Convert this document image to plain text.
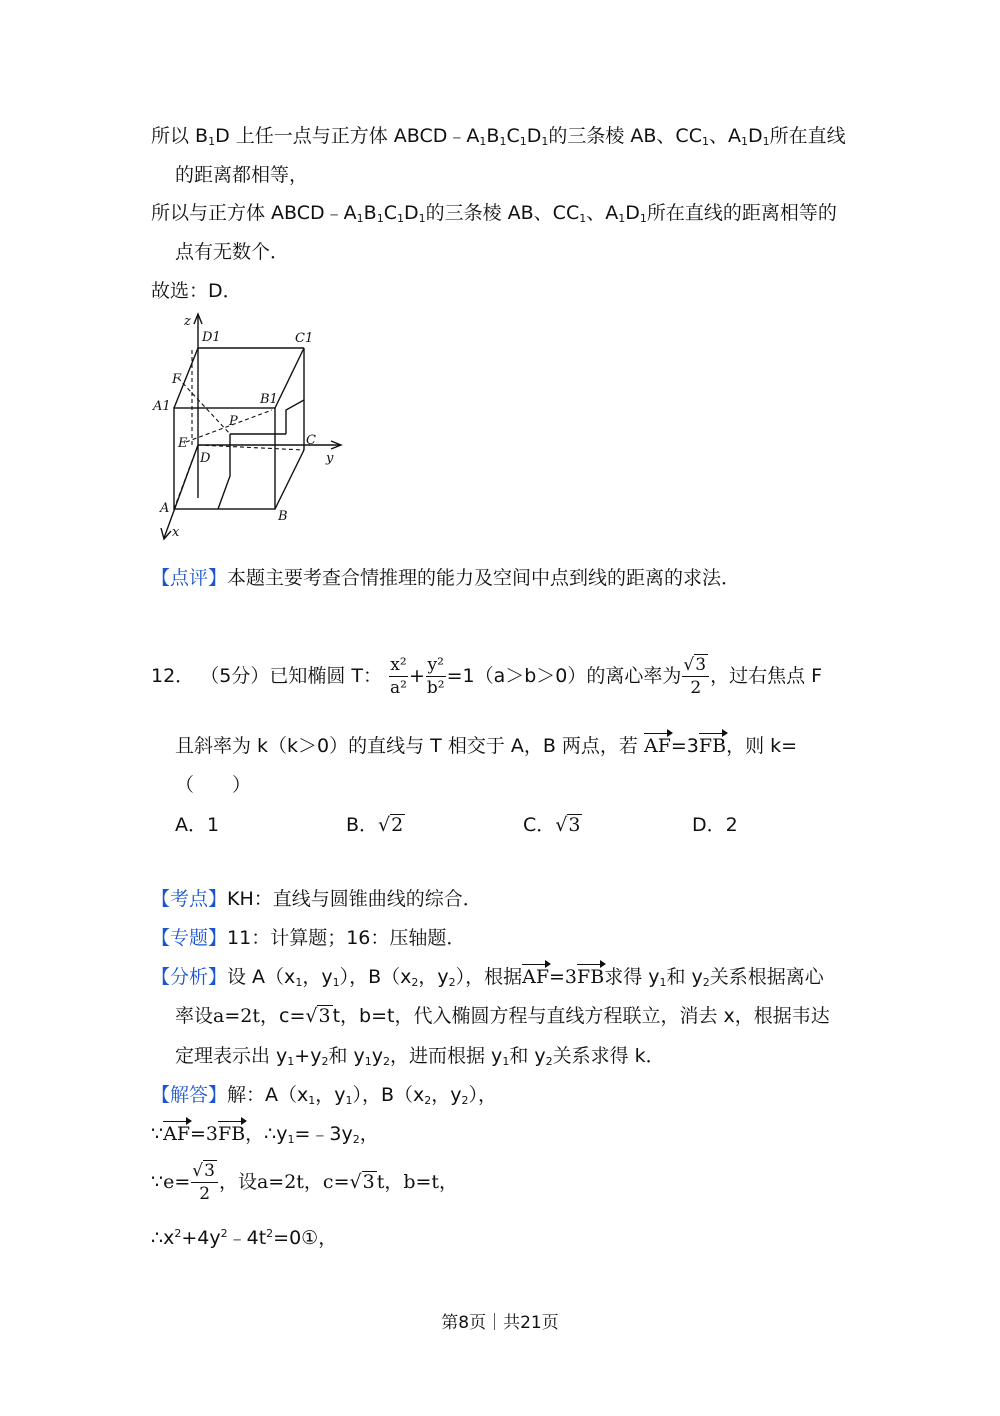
所以 $B_1D$ 上任一点与正方体 $ABCD﹣A_1B_1C_1D_1$的三条棱 AB、$CC_1$、$A_1D_1$所在直线
的距离都相等，
所以与正方体 $ABCD﹣A_1B_1C_1D_1$的三条棱 AB、$CC_1$、$A_1D_1$所在直线的距离相等的
点有无数个．
故选：D．
z
x
y
A
B
C
D
A1	B1
C1
D1
E
F
P
【点评】本题主要考查合情推理的能力及空间中点到线的距离的求法．
12． （5分）已知椭圆 T： $\frac{\text{x²}}{\text{a²}} + \frac{\text{y²}}{\text{b²}} =1(a>b>0)$的离心率为 $\frac{√3}{2}$ ，过右焦点 F
且斜率为 k（k＞0）的直线与 T 相交于 A，B 两点，若 AF=3FB，则 k=
（　　）
A．1	B．√2	C．√3	D．2
【考点】KH：直线与圆锥曲线的综合．
【专题】11：计算题；16：压轴题．
【分析】设 $A(x_1$，$y_1$），$B(x_2$，$y_2$），根据AF=3FB求得 $y_1$和 $y_2$关系根据离心
率设a=2t，c=√3 t，b=t，代入椭圆方程与直线方程联立，消去 x，根据韦达
定理表示出 $y_1+y_2$和 $y_1y_2$，进而根据 $y_1$和 $y_2$关系求得 k．
【解答】解：$A(x_1$，$y_1$），$B(x_2$，$y_2$），
∵AF=3FB，$\therefore y_1=﹣3y_2$，
∵e= $\frac{√3}{2}$ ，设a=2t，c=√3 t，b=t，
$\therefore x^2+4y^2﹣4t^2=0①$，
第8页｜共21页
